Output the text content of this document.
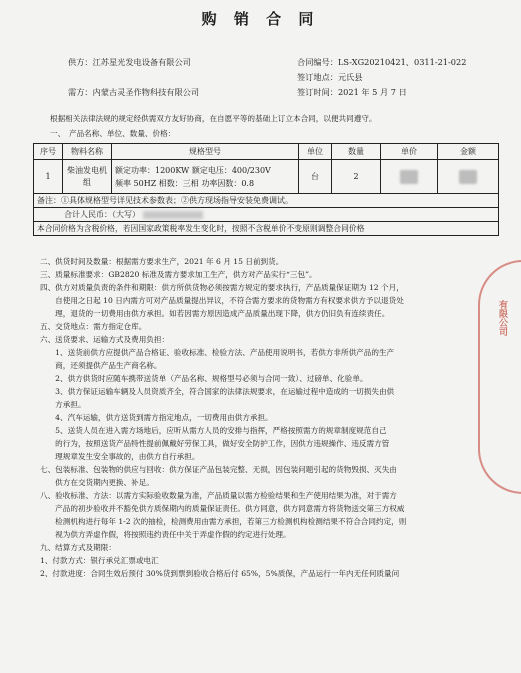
购 销 合 同
供方：江苏星光发电设备有限公司	合同编号：LS-XG20210421、0311-21-022
签订地点：元氏县
需方：内蒙古灵圣作物科技有限公司	签订时间：2021 年 5 月 7 日
根据相关法律法规的规定经供需双方友好协商，在自愿平等的基础上订立本合同，以便共同遵守。
一、　产品名称、单位、数量、价格：
序号	物料名称	规格型号	单位	数量	单价	金额
1	柴油发电机组	额定功率：1200KW 额定电压：400/230V
频率 50HZ 相数：三相 功率因数：0.8	台	2		
备注：①具体规格型号详见技术参数表；②供方现场指导安装免费调试。						
合计人民币：（大写）						
本合同价格为含税价格，若因国家政策税率发生变化时，按照不含税单价不变原则调整合同价格						
二、供货时间及数量：根据需方要求生产，2021 年 6 月 15 日前到货。
三、质量标准要求：GB2820 标准及需方要求加工生产，供方对产品实行“三包”。
四、供方对质量负责的条件和期限：供方所供货物必须按需方规定的要求执行，产品质量保证期为 12 个月，
　　自使用之日起 10 日内需方可对产品质量提出异议，不符合需方要求的货物需方有权要求供方予以退货处
　　理，退货的一切费用由供方承担。如若因需方原因造成产品质量出现下降，供方仍旧负有连续责任。
五、交货地点：需方指定仓库。
六、送货要求、运输方式及费用负担：
　　1、送货前供方应提供产品合格证、验收标准、检验方法、产品使用说明书，若供方非所供产品的生产
　　商，还须提供产品生产商名称。
　　2、供方供货时应随车携带送货单（产品名称、规格型号必须与合同一致）、过磅单、化验单。
　　3、供方保证运输车辆及人员资质齐全，符合国家的法律法规要求，在运输过程中造成的一切损失由供
　　方承担。
　　4、汽车运输，供方送货到需方指定地点，一切费用由供方承担。
　　5、送货人员在进入需方场地后，应听从需方人员的安排与指挥，严格按照需方的规章制度规范自己
　　的行为，按照送货产品特性提前佩戴好劳保工具，做好安全防护工作，因供方违规操作、违反需方管
　　理规章发生安全事故的，由供方自行承担。
七、包装标准、包装物的供应与回收：供方保证产品包装完整、无损，因包装问题引起的货物毁损、灭失由
　　供方在交货期内更换、补足。
八、验收标准、方法：以需方实际验收数量为准，产品质量以需方检验结果和生产使用结果为准，对于需方
　　产品的初步验收并不豁免供方质保期内的质量保证责任。供方同意，供方同意需方将货物送交第三方权威
　　检测机构进行每年 1-2 次的抽检，检测费用由需方承担，若第三方检测机构检测结果不符合合同约定，则
　　视为供方弄虚作假，将按照违约责任中关于弄虚作假的约定进行处理。
九、结算方式及期限：
1、付款方式：银行承兑汇票或电汇
2、付款进度：合同生效后预付 30%货到票到验收合格后付 65%，5%质保，产品运行一年内无任何质量问
有限公司
